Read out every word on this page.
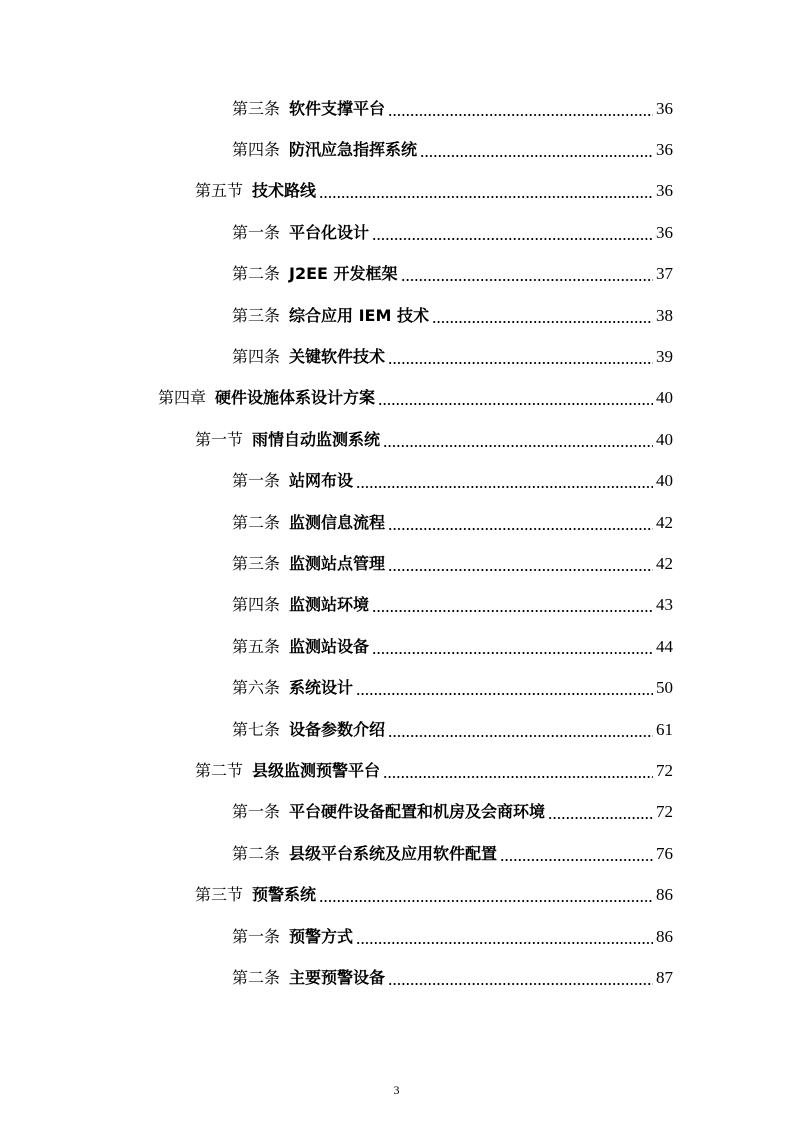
第三条 软件支撑平台	36
第四条 防汛应急指挥系统	36
第五节 技术路线	36
第一条 平台化设计	36
第二条 J2EE 开发框架	37
第三条 综合应用 IEM 技术	38
第四条 关键软件技术	39
第四章 硬件设施体系设计方案	40
第一节 雨情自动监测系统	40
第一条 站网布设	40
第二条 监测信息流程	42
第三条 监测站点管理	42
第四条 监测站环境	43
第五条 监测站设备	44
第六条 系统设计	50
第七条 设备参数介绍	61
第二节 县级监测预警平台	72
第一条 平台硬件设备配置和机房及会商环境	72
第二条 县级平台系统及应用软件配置	76
第三节 预警系统	86
第一条 预警方式	86
第二条 主要预警设备	87
3
